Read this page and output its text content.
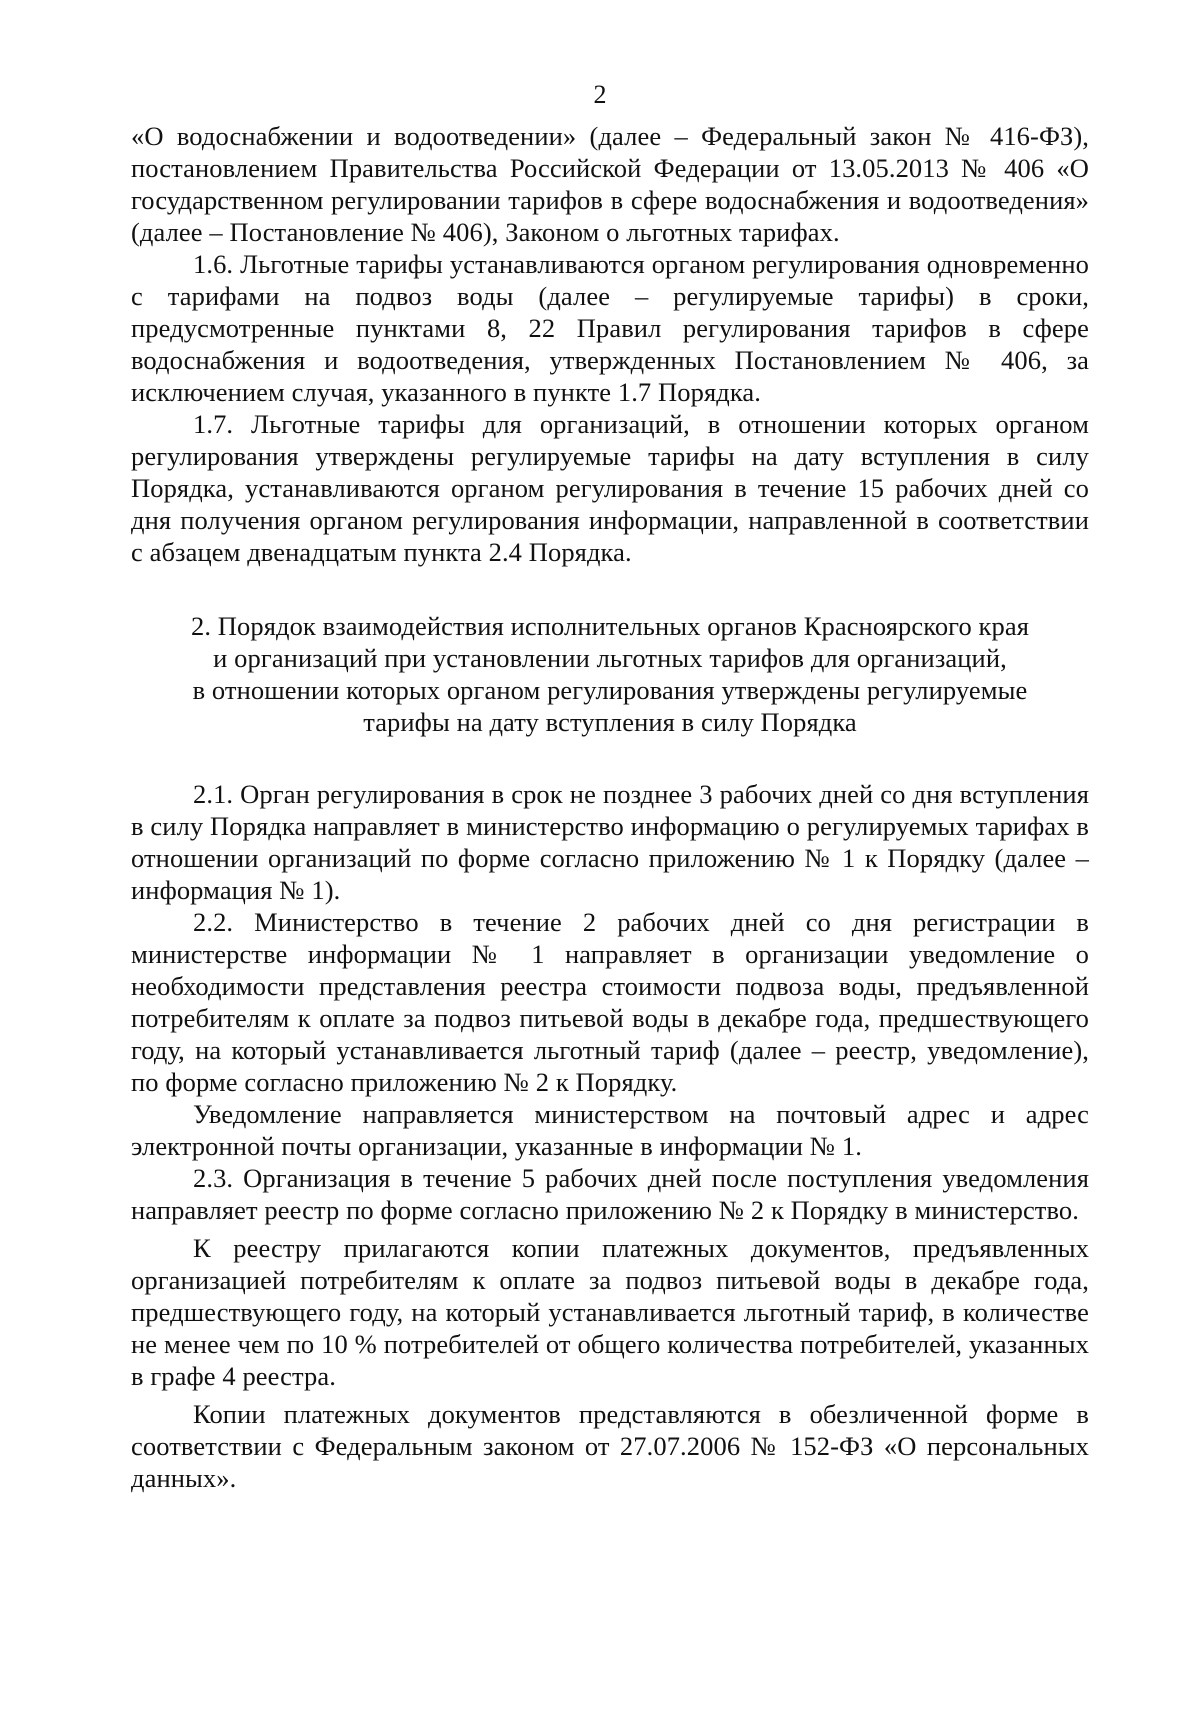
2

«О водоснабжении и водоотведении» (далее – Федеральный закон № 416-ФЗ), постановлением Правительства Российской Федерации от 13.05.2013 № 406 «О государственном регулировании тарифов в сфере водоснабжения и водоотведения» (далее – Постановление № 406), Законом о льготных тарифах.

1.6. Льготные тарифы устанавливаются органом регулирования одновременно с тарифами на подвоз воды (далее – регулируемые тарифы) в сроки, предусмотренные пунктами 8, 22 Правил регулирования тарифов в сфере водоснабжения и водоотведения, утвержденных Постановлением № 406, за исключением случая, указанного в пункте 1.7 Порядка.

1.7. Льготные тарифы для организаций, в отношении которых органом регулирования утверждены регулируемые тарифы на дату вступления в силу Порядка, устанавливаются органом регулирования в течение 15 рабочих дней со дня получения органом регулирования информации, направленной в соответствии с абзацем двенадцатым пункта 2.4 Порядка.

2. Порядок взаимодействия исполнительных органов Красноярского края
и организаций при установлении льготных тарифов для организаций,
в отношении которых органом регулирования утверждены регулируемые
тарифы на дату вступления в силу Порядка

2.1. Орган регулирования в срок не позднее 3 рабочих дней со дня вступления в силу Порядка направляет в министерство информацию о регулируемых тарифах в отношении организаций по форме согласно приложению № 1 к Порядку (далее – информация № 1).

2.2. Министерство в течение 2 рабочих дней со дня регистрации в министерстве информации № 1 направляет в организации уведомление о необходимости представления реестра стоимости подвоза воды, предъявленной потребителям к оплате за подвоз питьевой воды в декабре года, предшествующего году, на который устанавливается льготный тариф (далее – реестр, уведомление), по форме согласно приложению № 2 к Порядку.

Уведомление направляется министерством на почтовый адрес и адрес электронной почты организации, указанные в информации № 1.

2.3. Организация в течение 5 рабочих дней после поступления уведомления направляет реестр по форме согласно приложению № 2 к Порядку в министерство.

К реестру прилагаются копии платежных документов, предъявленных организацией потребителям к оплате за подвоз питьевой воды в декабре года, предшествующего году, на который устанавливается льготный тариф, в количестве не менее чем по 10 % потребителей от общего количества потребителей, указанных в графе 4 реестра.

Копии платежных документов представляются в обезличенной форме в соответствии с Федеральным законом от 27.07.2006 № 152-ФЗ «О персональных данных».
